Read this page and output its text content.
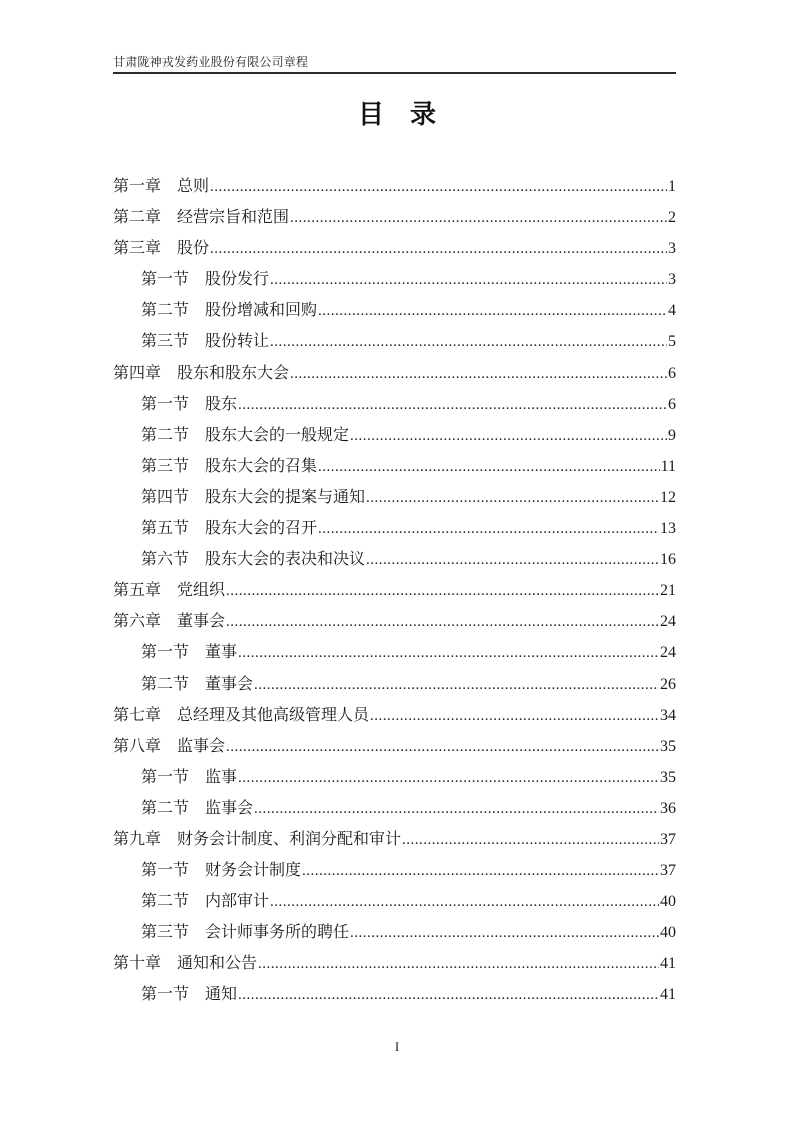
甘肃陇神戎发药业股份有限公司章程
目　录
第一章　总则 .....	1
第二章　经营宗旨和范围 .....	2
第三章　股份 .....	3
第一节　股份发行 .....	3
第二节　股份增减和回购 .....	4
第三节　股份转让 .....	5
第四章　股东和股东大会 .....	6
第一节　股东 .....	6
第二节　股东大会的一般规定 .....	9
第三节　股东大会的召集 .....	11
第四节　股东大会的提案与通知 .....	12
第五节　股东大会的召开 .....	13
第六节　股东大会的表决和决议 .....	16
第五章　党组织 .....	21
第六章　董事会 .....	24
第一节　董事 .....	24
第二节　董事会 .....	26
第七章　总经理及其他高级管理人员 .....	34
第八章　监事会 .....	35
第一节　监事 .....	35
第二节　监事会 .....	36
第九章　财务会计制度、利润分配和审计 .....	37
第一节　财务会计制度 .....	37
第二节　内部审计 .....	40
第三节　会计师事务所的聘任 .....	40
第十章　通知和公告 .....	41
第一节　通知 .....	41
I
